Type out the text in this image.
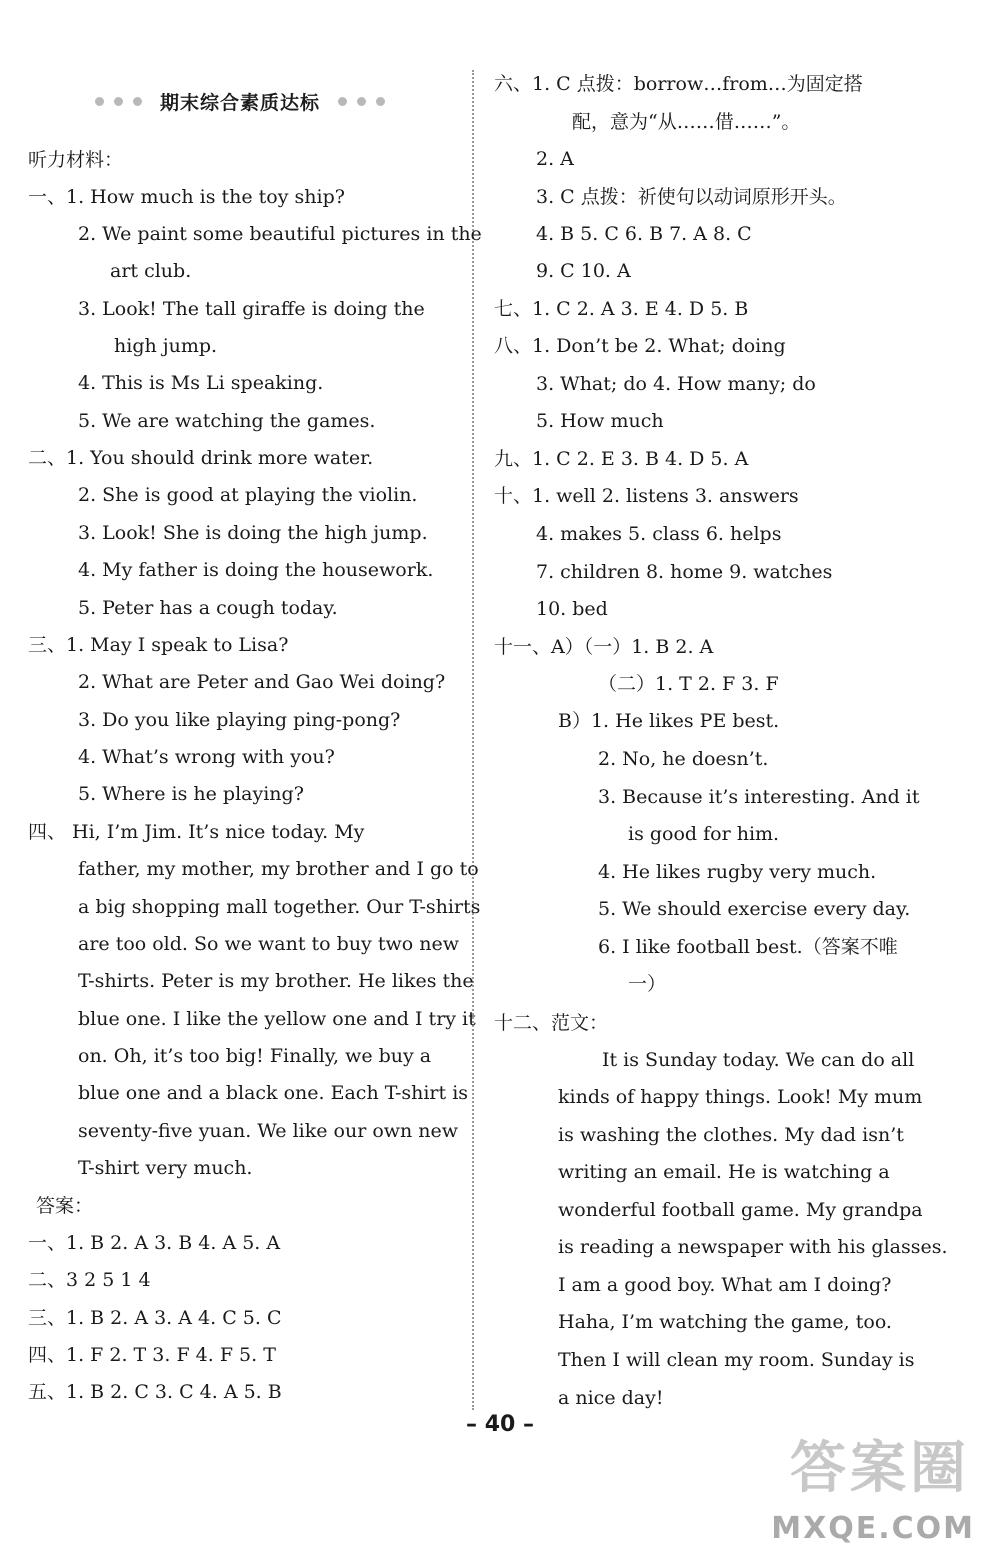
期末综合素质达标
听力材料：
一、1. How much is the toy ship?
2. We paint some beautiful pictures in the
art club.
3. Look! The tall giraffe is doing the
high jump.
4. This is Ms Li speaking.
5. We are watching the games.
二、1. You should drink more water.
2. She is good at playing the violin.
3. Look! She is doing the high jump.
4. My father is doing the housework.
5. Peter has a cough today.
三、1. May I speak to Lisa?
2. What are Peter and Gao Wei doing?
3. Do you like playing ping-pong?
4. What’s wrong with you?
5. Where is he playing?
四、 Hi, I’m Jim. It’s nice today. My
father, my mother, my brother and I go to
a big shopping mall together. Our T-shirts
are too old. So we want to buy two new
T-shirts. Peter is my brother. He likes the
blue one. I like the yellow one and I try it
on. Oh, it’s too big! Finally, we buy a
blue one and a black one. Each T-shirt is
seventy-five yuan. We like our own new
T-shirt very much.
答案：
一、1. B 2. A 3. B 4. A 5. A
二、3 2 5 1 4
三、1. B 2. A 3. A 4. C 5. C
四、1. F 2. T 3. F 4. F 5. T
五、1. B 2. C 3. C 4. A 5. B
六、1. C 点拨：borrow…from…为固定搭
配，意为“从……借……”。
2. A
3. C 点拨：祈使句以动词原形开头。
4. B 5. C 6. B 7. A 8. C
9. C 10. A
七、1. C 2. A 3. E 4. D 5. B
八、1. Don’t be 2. What; doing
3. What; do 4. How many; do
5. How much
九、1. C 2. E 3. B 4. D 5. A
十、1. well 2. listens 3. answers
4. makes 5. class 6. helps
7. children 8. home 9. watches
10. bed
十一、A）（一）1. B 2. A
（二）1. T 2. F 3. F
B）1. He likes PE best.
2. No, he doesn’t.
3. Because it’s interesting. And it
is good for him.
4. He likes rugby very much.
5. We should exercise every day.
6. I like football best.（答案不唯
一）
十二、范文：
It is Sunday today. We can do all
kinds of happy things. Look! My mum
is washing the clothes. My dad isn’t
writing an email. He is watching a
wonderful football game. My grandpa
is reading a newspaper with his glasses.
I am a good boy. What am I doing?
Haha, I’m watching the game, too.
Then I will clean my room. Sunday is
a nice day!
– 40 –
答案圈
MXQE.COM
